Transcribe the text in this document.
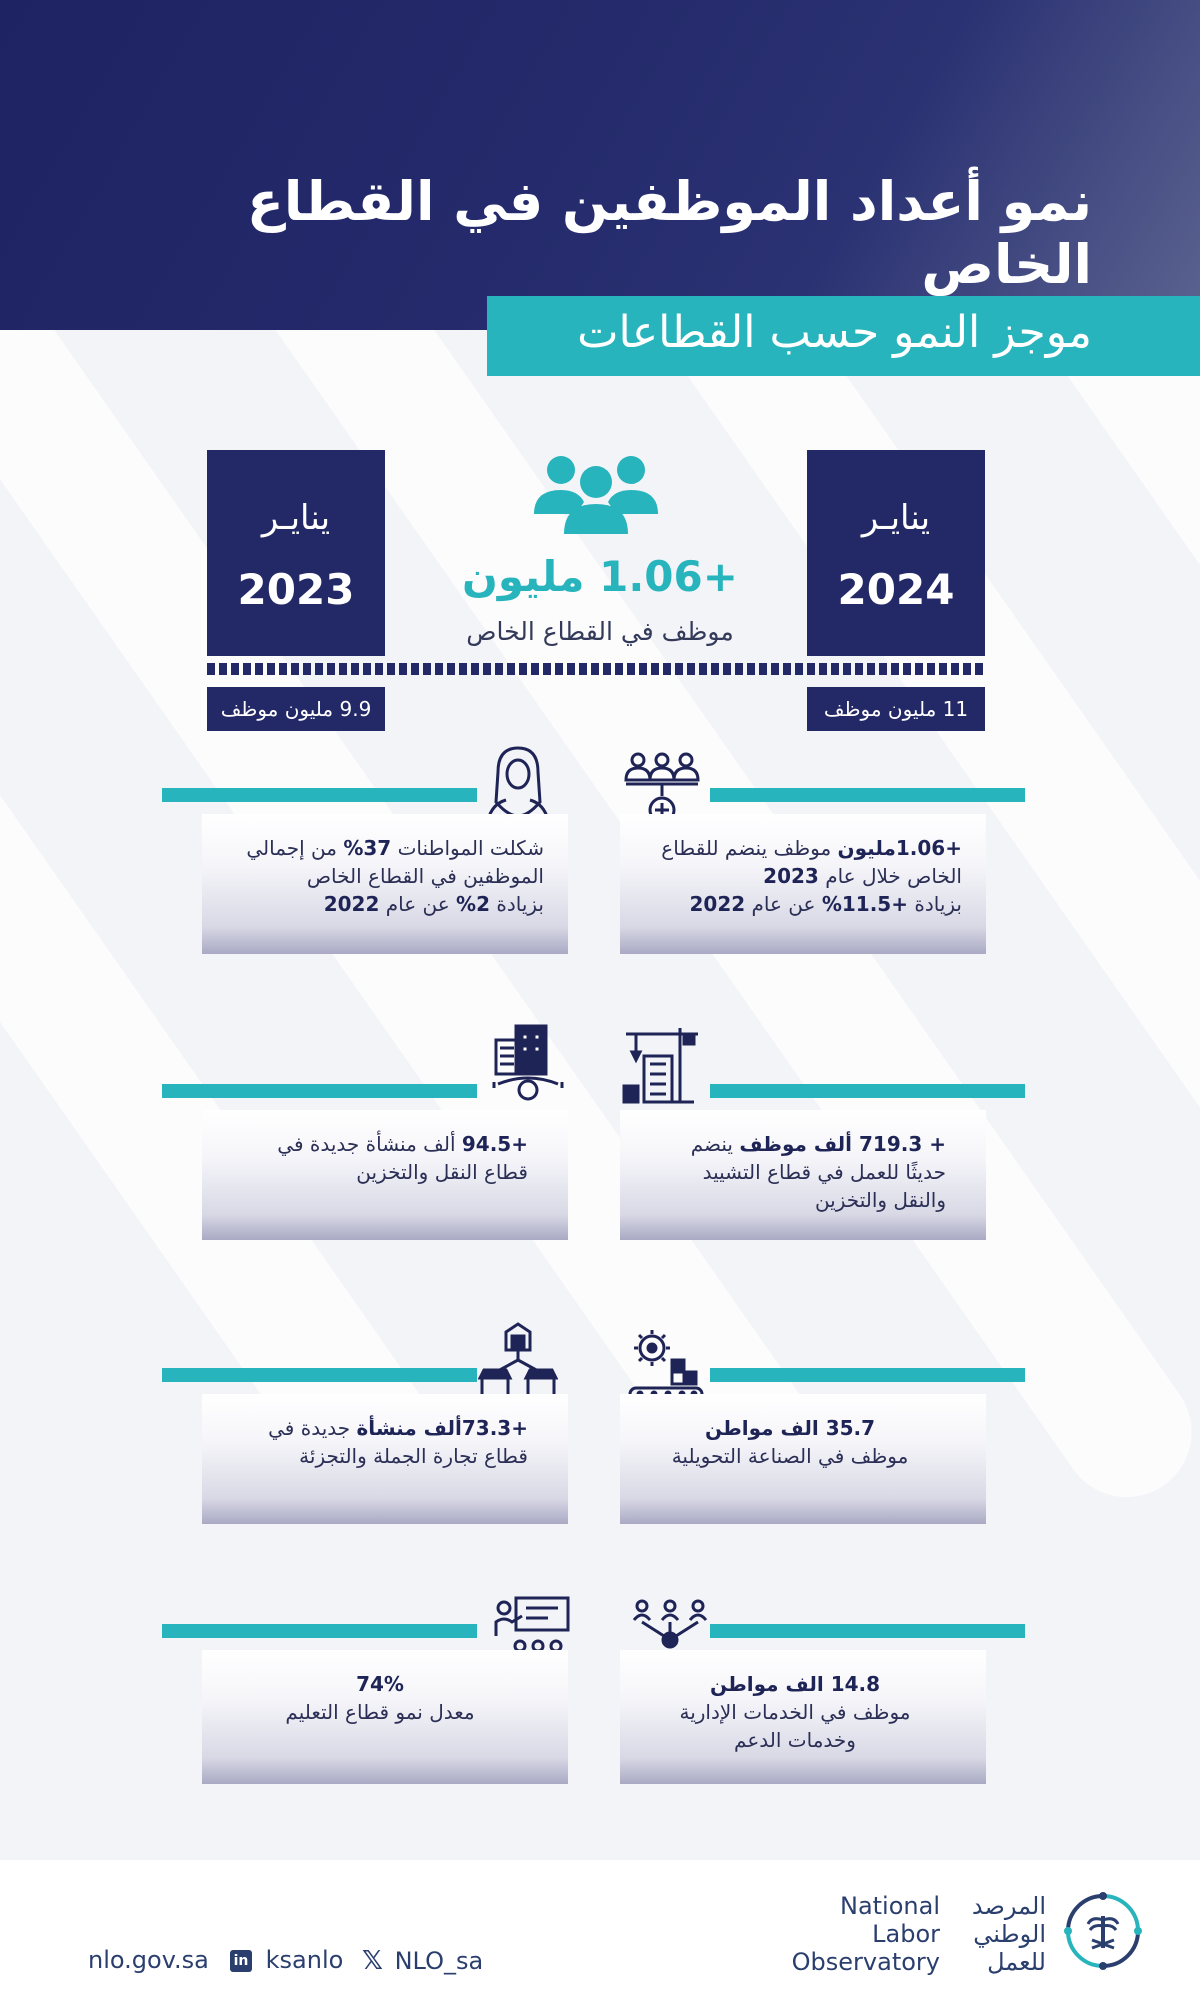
نمو أعداد الموظفين في القطاع الخاص
موجز النمو حسب القطاعات
ينايـر
2024
ينايـر
2023	+1.06 مليون
موظف في القطاع الخاص
11 مليون موظف
9.9 مليون موظف
+1.06مليون موظف ينضم للقطاع الخاص خلال عام 2023
بزيادة +11.5% عن عام 2022
شكلت المواطنات 37% من إجمالي الموظفين في القطاع الخاص
بزيادة 2% عن عام 2022
+ 719.3 ألف موظف ينضم حديثًا للعمل في قطاع التشييد والنقل والتخزين
+94.5 ألف منشأة جديدة في قطاع النقل والتخزين
35.7 الف مواطن
موظف في الصناعة التحويلية
+73.3ألف منشأة جديدة في قطاع تجارة الجملة والتجزئة
14.8 الف مواطن
موظف في الخدمات الإدارية وخدمات الدعم
74%
معدل نمو قطاع التعليم
nlo.gov.sa in ksanlo 𝕏 NLO_sa
National
Labor
Observatory
المرصد
الوطني
للعمل
